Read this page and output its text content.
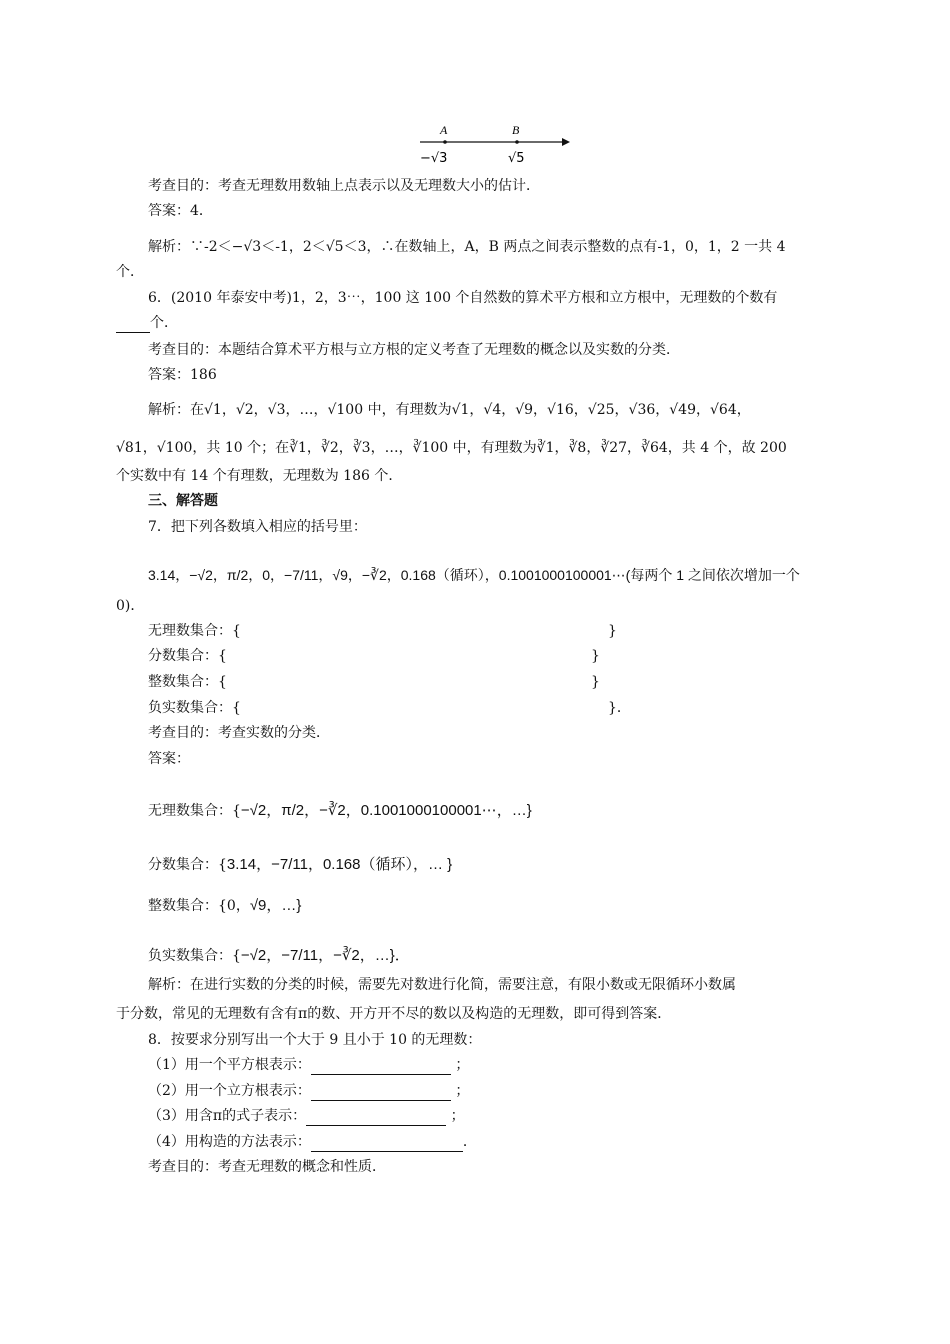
A	B
−√3	√5
考查目的：考查无理数用数轴上点表示以及无理数大小的估计．
答案：4．
解析：∵-2＜−√3＜-1，2＜√5＜3，∴在数轴上，A，B 两点之间表示整数的点有-1，0，1，2 一共 4
个．
6．(2010 年泰安中考)1，2，3⋯，100 这 100 个自然数的算术平方根和立方根中，无理数的个数有
个．
考查目的：本题结合算术平方根与立方根的定义考查了无理数的概念以及实数的分类．
答案：186
解析：在√1，√2，√3，…，√100 中，有理数为√1，√4，√9，√16，√25，√36，√49，√64，
√81，√100，共 10 个；在∛1，∛2，∛3，…，∛100 中，有理数为∛1，∛8，∛27，∛64，共 4 个，故 200
个实数中有 14 个有理数，无理数为 186 个．
三、解答题
7．把下列各数填入相应的括号里：
3.14，−√2，π/2，0，−7/11，√9，−∛2，0.168（循环），0.1001000100001⋯(每两个 1 之间依次增加一个
0)．
无理数集合：{	}
分数集合：{	}
整数集合：{	}
负实数集合：{	}．
考查目的：考查实数的分类．
答案：
无理数集合：{−√2，π/2，−∛2，0.1001000100001⋯，…}
分数集合：{3.14，−7/11，0.168（循环），… }
整数集合：{0，√9，…}
负实数集合：{−√2，−7/11，−∛2，…}．
解析：在进行实数的分类的时候，需要先对数进行化简，需要注意，有限小数或无限循环小数属
于分数，常见的无理数有含有π的数、开方开不尽的数以及构造的无理数，即可得到答案．
8．按要求分别写出一个大于 9 且小于 10 的无理数：
（1）用一个平方根表示：	；
（2）用一个立方根表示：	；
（3）用含π的式子表示：	；
（4）用构造的方法表示：	．
考查目的：考查无理数的概念和性质．
